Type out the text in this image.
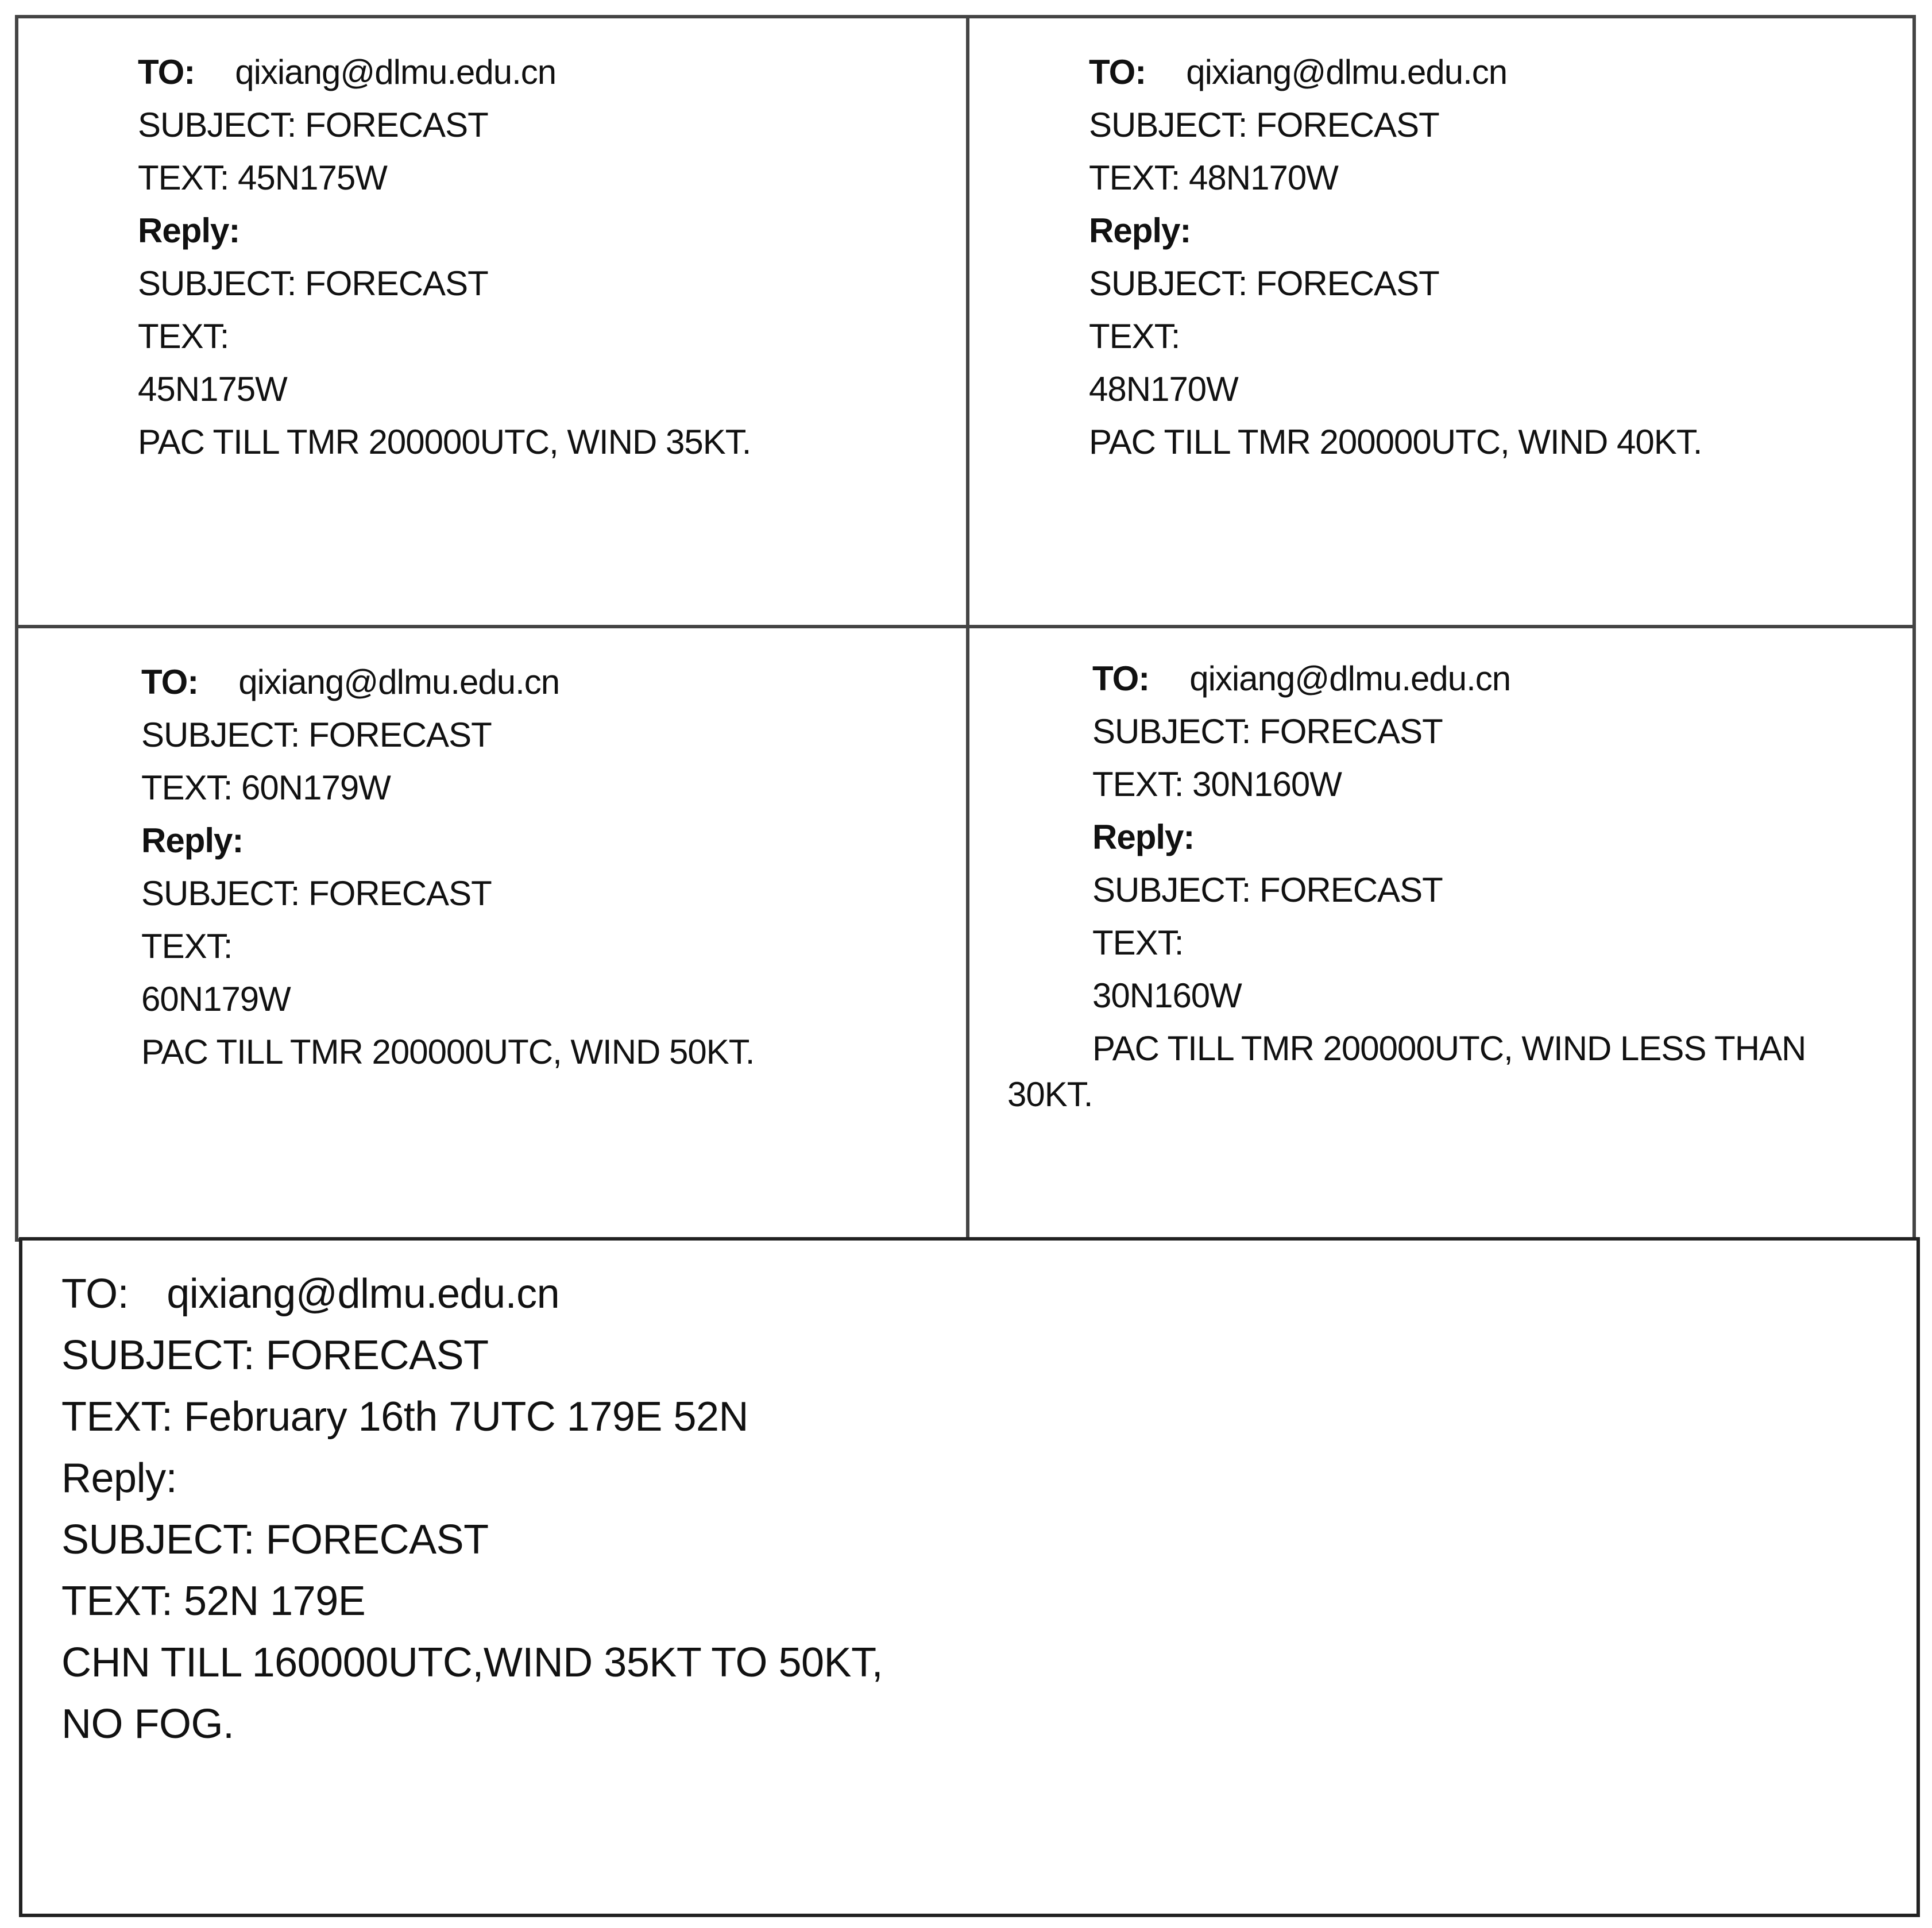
TO: qixiang@dlmu.edu.cn
SUBJECT: FORECAST
TEXT: 45N175W
Reply:
SUBJECT: FORECAST
TEXT:
45N175W
PAC TILL TMR 200000UTC, WIND 35KT.
TO: qixiang@dlmu.edu.cn
SUBJECT: FORECAST
TEXT: 48N170W
Reply:
SUBJECT: FORECAST
TEXT:
48N170W
PAC TILL TMR 200000UTC, WIND 40KT.
TO: qixiang@dlmu.edu.cn
SUBJECT: FORECAST
TEXT: 60N179W
Reply:
SUBJECT: FORECAST
TEXT:
60N179W
PAC TILL TMR 200000UTC, WIND 50KT.
TO: qixiang@dlmu.edu.cn
SUBJECT: FORECAST
TEXT: 30N160W
Reply:
SUBJECT: FORECAST
TEXT:
30N160W
PAC TILL TMR 200000UTC, WIND LESS THAN
30KT.
TO: qixiang@dlmu.edu.cn
SUBJECT: FORECAST
TEXT: February 16th 7UTC 179E 52N
Reply:
SUBJECT: FORECAST
TEXT: 52N 179E
CHN TILL 160000UTC,WIND 35KT TO 50KT,
NO FOG.
